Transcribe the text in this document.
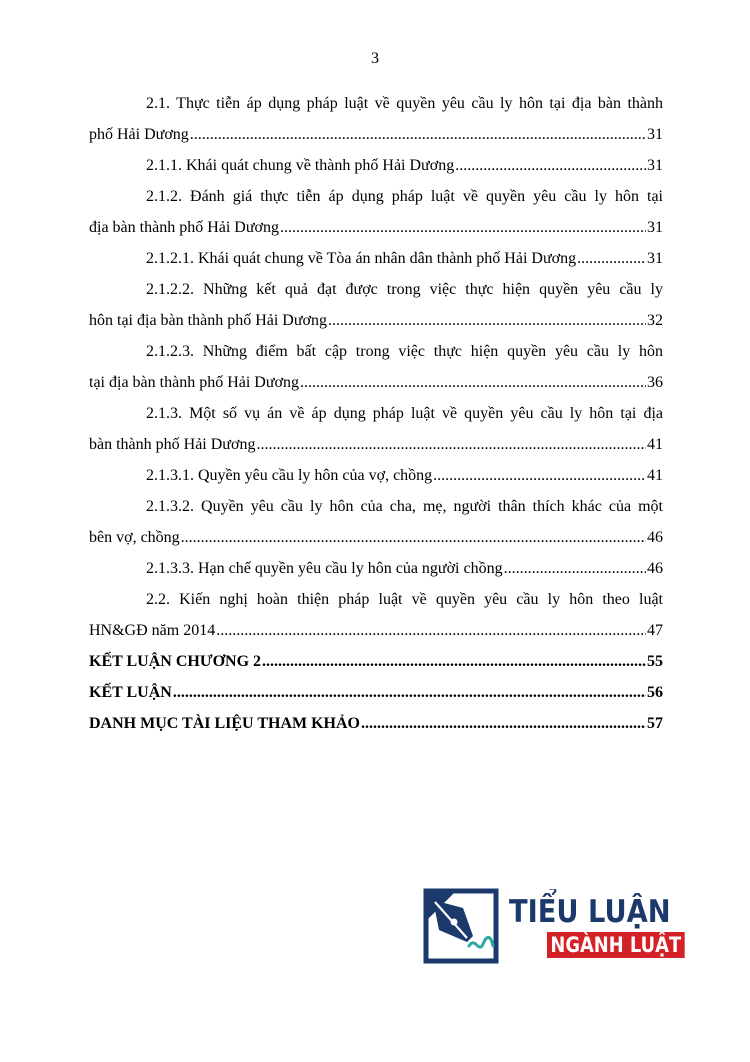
3
2.1. Thực tiễn áp dụng pháp luật về quyền yêu cầu ly hôn tại địa bàn thành
phố Hải Dương .....	31
2.1.1. Khái quát chung về thành phố Hải Dương .....	31
2.1.2. Đánh giá thực tiễn áp dụng pháp luật về quyền yêu cầu ly hôn tại
địa bàn thành phố Hải Dương .....	31
2.1.2.1. Khái quát chung về Tòa án nhân dân thành phố Hải Dương .....	31
2.1.2.2. Những kết quả đạt được trong việc thực hiện quyền yêu cầu ly
hôn tại địa bàn thành phố Hải Dương .....	32
2.1.2.3. Những điểm bất cập trong việc thực hiện quyền yêu cầu ly hôn
tại địa bàn thành phố Hải Dương .....	36
2.1.3. Một số vụ án về áp dụng pháp luật về quyền yêu cầu ly hôn tại địa
bàn thành phố Hải Dương .....	41
2.1.3.1. Quyền yêu cầu ly hôn của vợ, chồng .....	41
2.1.3.2. Quyền yêu cầu ly hôn của cha, mẹ, người thân thích khác của một
bên vợ, chồng .....	46
2.1.3.3. Hạn chế quyền yêu cầu ly hôn của người chồng .....	46
2.2. Kiến nghị hoàn thiện pháp luật về quyền yêu cầu ly hôn theo luật
HN&GĐ năm 2014 .....	47
KẾT LUẬN CHƯƠNG 2 .....	55
KẾT LUẬN .....	56
DANH MỤC TÀI LIỆU THAM KHẢO .....	57
TIỂU LUẬN
NGÀNH LUẬT
